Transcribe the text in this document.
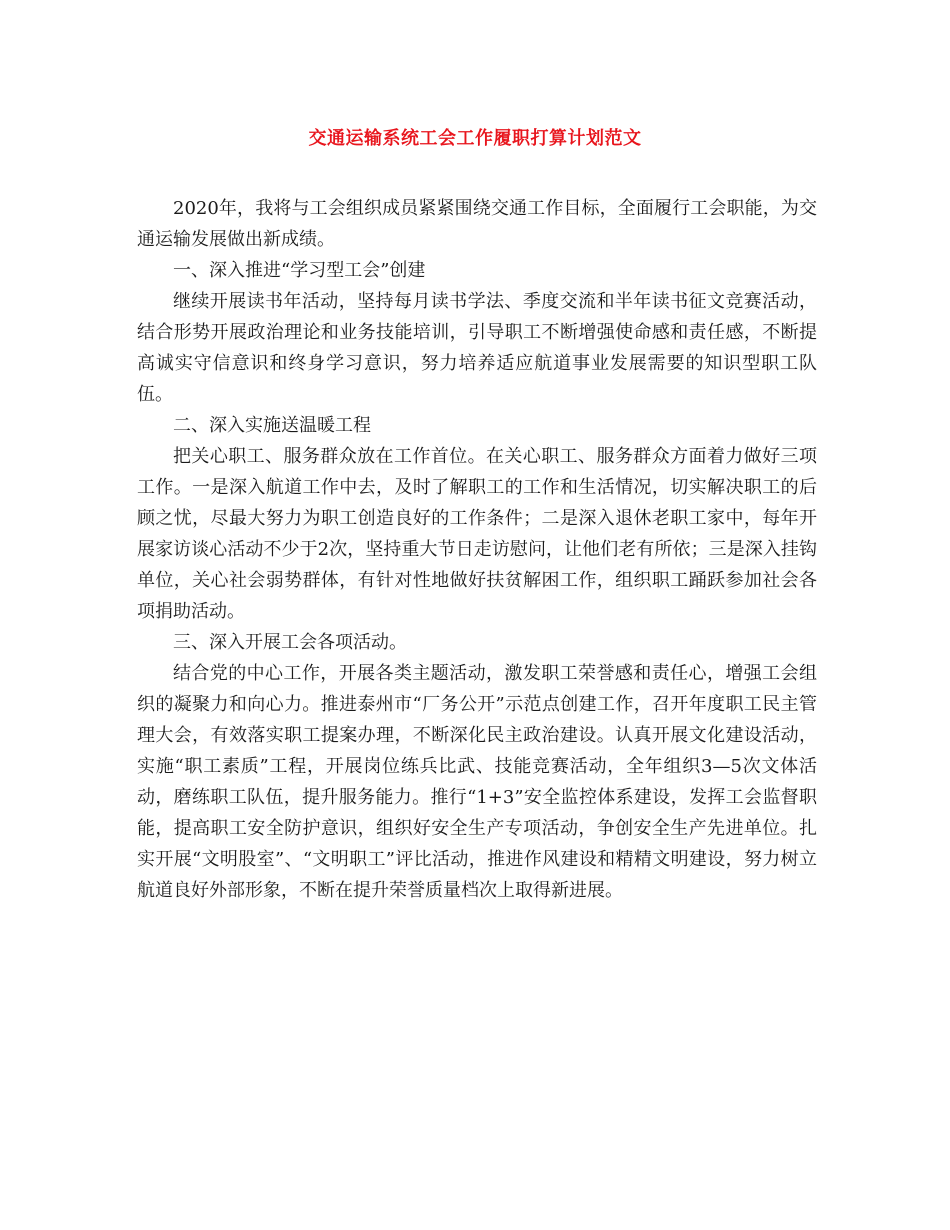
交通运输系统工会工作履职打算计划范文

2020年，我将与工会组织成员紧紧围绕交通工作目标，全面履行工会职能，为交通运输发展做出新成绩。

一、深入推进“学习型工会”创建

继续开展读书年活动，坚持每月读书学法、季度交流和半年读书征文竞赛活动，结合形势开展政治理论和业务技能培训，引导职工不断增强使命感和责任感，不断提高诚实守信意识和终身学习意识，努力培养适应航道事业发展需要的知识型职工队伍。

二、深入实施送温暖工程

把关心职工、服务群众放在工作首位。在关心职工、服务群众方面着力做好三项工作。一是深入航道工作中去，及时了解职工的工作和生活情况，切实解决职工的后顾之忧，尽最大努力为职工创造良好的工作条件；二是深入退休老职工家中，每年开展家访谈心活动不少于2次，坚持重大节日走访慰问，让他们老有所依；三是深入挂钩单位，关心社会弱势群体，有针对性地做好扶贫解困工作，组织职工踊跃参加社会各项捐助活动。

三、深入开展工会各项活动。

结合党的中心工作，开展各类主题活动，激发职工荣誉感和责任心，增强工会组织的凝聚力和向心力。推进泰州市“厂务公开”示范点创建工作，召开年度职工民主管理大会，有效落实职工提案办理，不断深化民主政治建设。认真开展文化建设活动，实施“职工素质”工程，开展岗位练兵比武、技能竞赛活动，全年组织3—5次文体活动，磨练职工队伍，提升服务能力。推行“1+3”安全监控体系建设，发挥工会监督职能，提高职工安全防护意识，组织好安全生产专项活动，争创安全生产先进单位。扎实开展“文明股室”、“文明职工”评比活动，推进作风建设和精精文明建设，努力树立航道良好外部形象，不断在提升荣誉质量档次上取得新进展。
